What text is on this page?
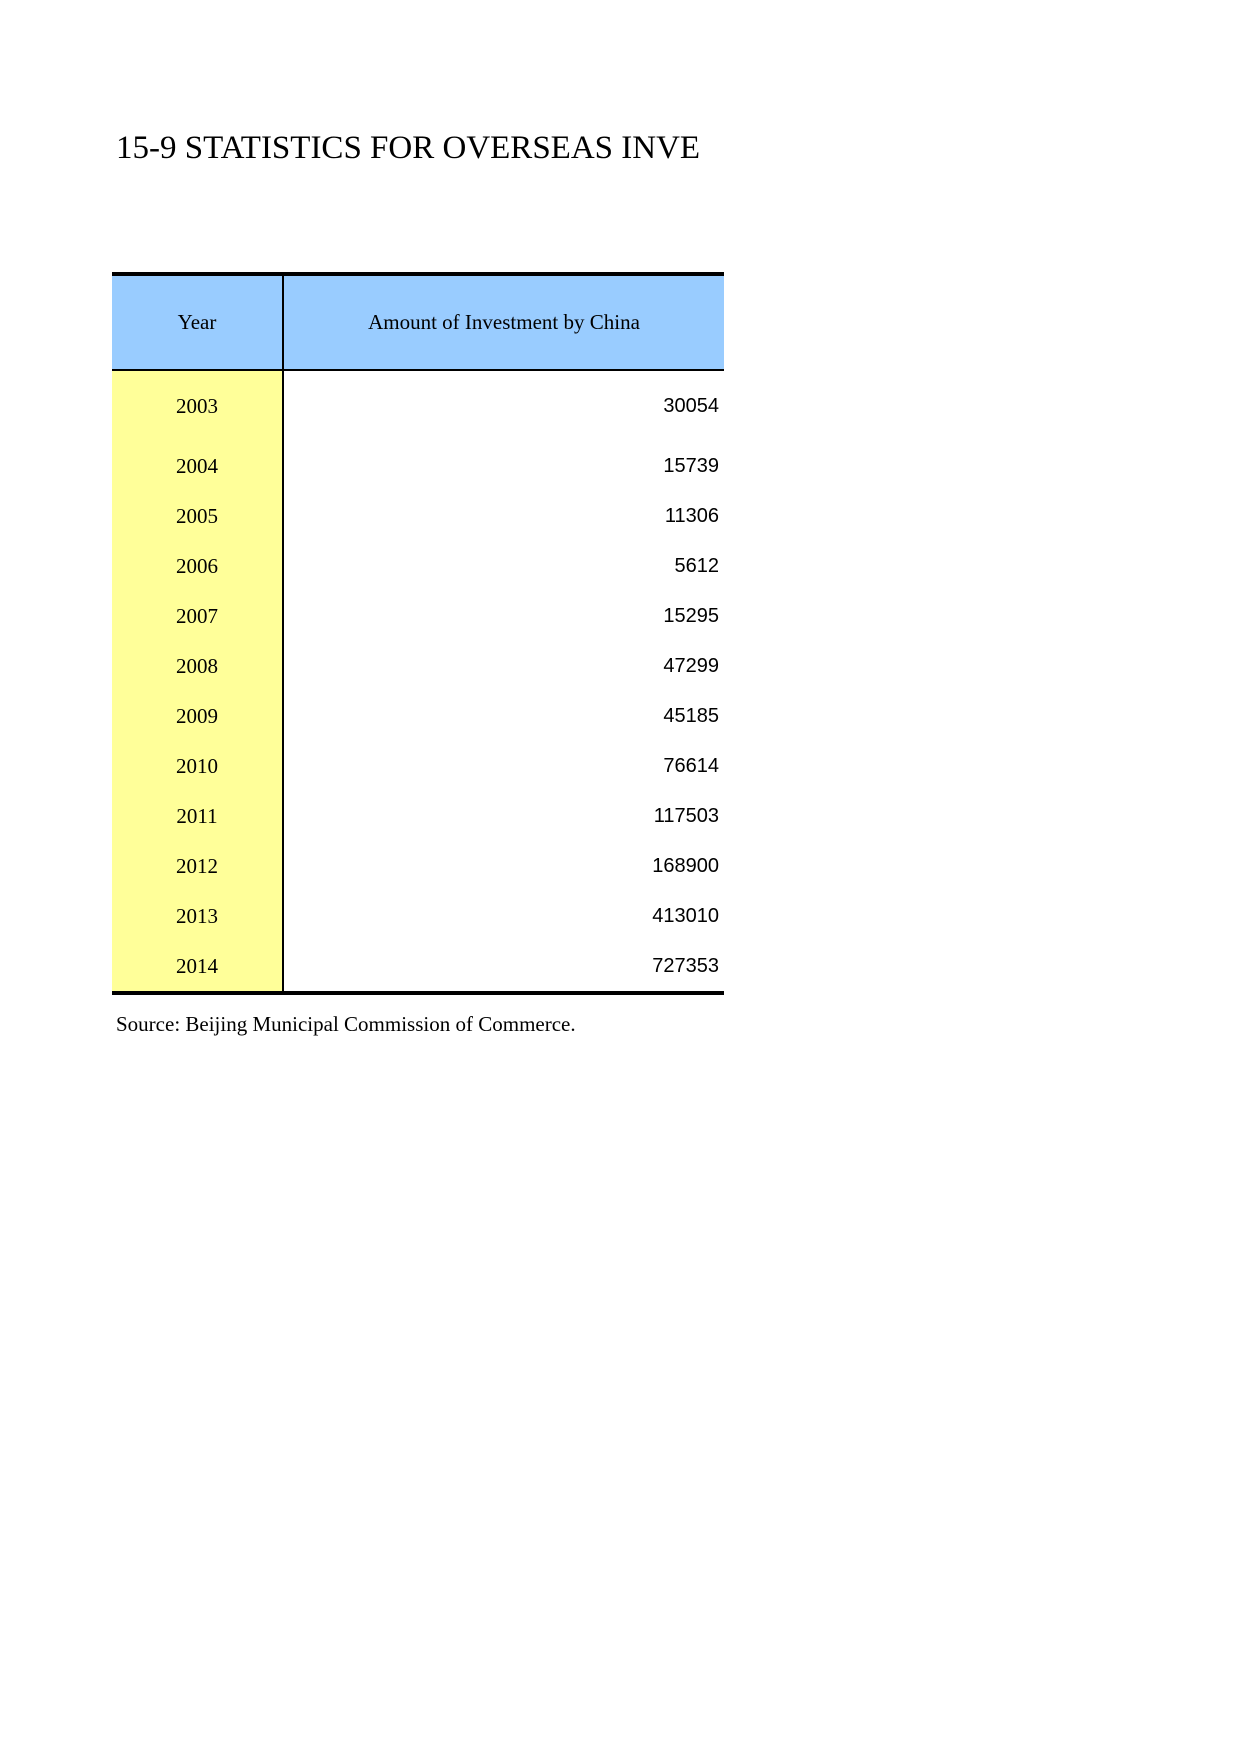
15-9 STATISTICS FOR OVERSEAS INVE
Year	Amount of Investment by China
2003	30054
2004	15739
2005	11306
2006	5612
2007	15295
2008	47299
2009	45185
2010	76614
2011	117503
2012	168900
2013	413010
2014	727353
Source: Beijing Municipal Commission of Commerce.
